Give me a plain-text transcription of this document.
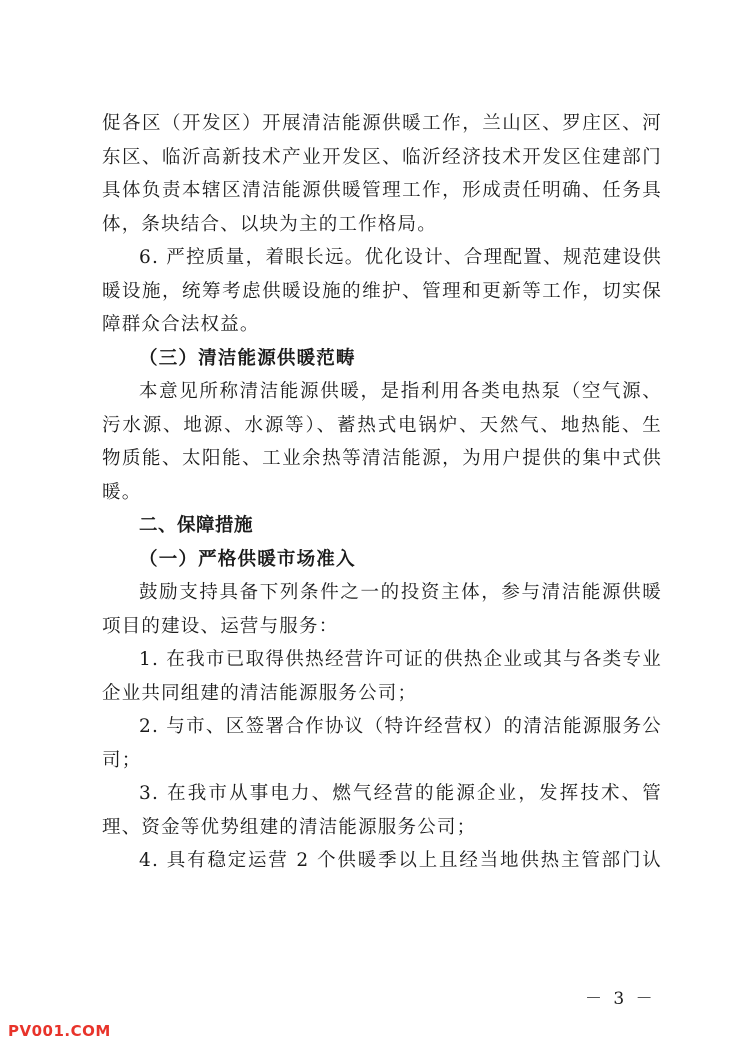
促各区（开发区）开展清洁能源供暖工作，兰山区、罗庄区、河东区、临沂高新技术产业开发区、临沂经济技术开发区住建部门具体负责本辖区清洁能源供暖管理工作，形成责任明确、任务具体，条块结合、以块为主的工作格局。

6. 严控质量，着眼长远。优化设计、合理配置、规范建设供暖设施，统筹考虑供暖设施的维护、管理和更新等工作，切实保障群众合法权益。

（三）清洁能源供暖范畴

本意见所称清洁能源供暖，是指利用各类电热泵（空气源、污水源、地源、水源等）、蓄热式电锅炉、天然气、地热能、生物质能、太阳能、工业余热等清洁能源，为用户提供的集中式供暖。

二、保障措施

（一）严格供暖市场准入

鼓励支持具备下列条件之一的投资主体，参与清洁能源供暖项目的建设、运营与服务：

1. 在我市已取得供热经营许可证的供热企业或其与各类专业企业共同组建的清洁能源服务公司；

2. 与市、区签署合作协议（特许经营权）的清洁能源服务公司；

3. 在我市从事电力、燃气经营的能源企业，发挥技术、管理、资金等优势组建的清洁能源服务公司；

4. 具有稳定运营 2 个供暖季以上且经当地供热主管部门认

－ 3 －
PV001.COM
